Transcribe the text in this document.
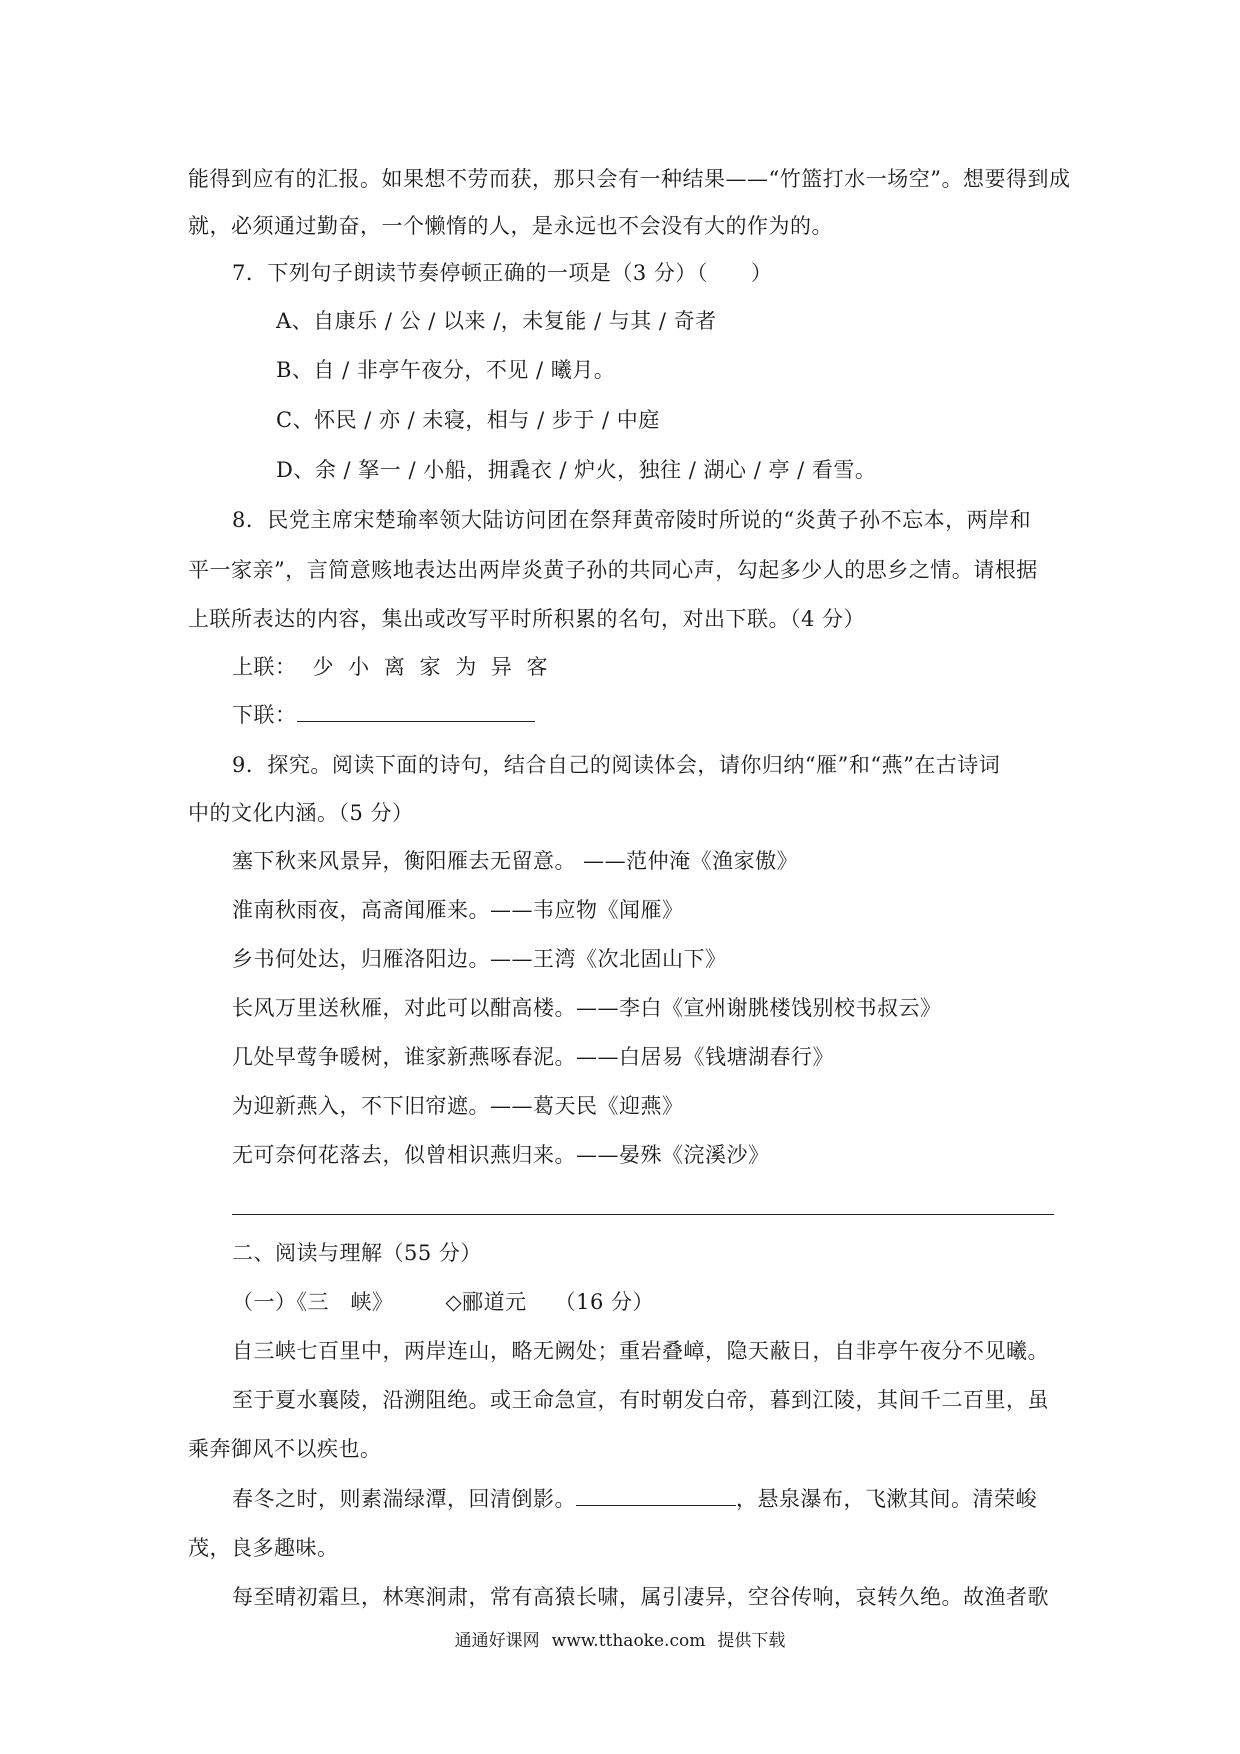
能得到应有的汇报。如果想不劳而获，那只会有一种结果——“竹篮打水一场空”。想要得到成
就，必须通过勤奋，一个懒惰的人，是永远也不会没有大的作为的。
7．下列句子朗读节奏停顿正确的一项是（3 分）（　　）
A、自康乐 / 公 / 以来 /，未复能 / 与其 / 奇者
B、自 / 非亭午夜分，不见 / 曦月。
C、怀民 / 亦 / 未寝，相与 / 步于 / 中庭
D、余 / 拏一 / 小船，拥毳衣 / 炉火，独往 / 湖心 / 亭 / 看雪。
8．民党主席宋楚瑜率领大陆访问团在祭拜黄帝陵时所说的“炎黄子孙不忘本，两岸和
平一家亲”，言简意赅地表达出两岸炎黄子孙的共同心声，勾起多少人的思乡之情。请根据
上联所表达的内容，集出或改写平时所积累的名句，对出下联。（4 分）
上联： 少 小 离 家 为 异 客
下联：
9．探究。阅读下面的诗句，结合自己的阅读体会，请你归纳“雁”和“燕”在古诗词
中的文化内涵。（5 分）
塞下秋来风景异，衡阳雁去无留意。 ——范仲淹《渔家傲》
淮南秋雨夜，高斋闻雁来。——韦应物《闻雁》
乡书何处达，归雁洛阳边。——王湾《次北固山下》
长风万里送秋雁，对此可以酣高楼。——李白《宣州谢朓楼饯别校书叔云》
几处早莺争暖树，谁家新燕啄春泥。——白居易《钱塘湖春行》
为迎新燕入，不下旧帘遮。——葛天民《迎燕》
无可奈何花落去，似曾相识燕归来。——晏殊《浣溪沙》
二、阅读与理解（55 分）
（一）《三　峡》 ◇郦道元 （16 分）
自三峡七百里中，两岸连山，略无阙处；重岩叠嶂，隐天蔽日，自非亭午夜分不见曦。
至于夏水襄陵，沿溯阻绝。或王命急宣，有时朝发白帝，暮到江陵，其间千二百里，虽
乘奔御风不以疾也。
春冬之时，则素湍绿潭，回清倒影。	，悬泉瀑布，飞漱其间。清荣峻
茂，良多趣味。
每至晴初霜旦，林寒涧肃，常有高猿长啸，属引凄异，空谷传响，哀转久绝。故渔者歌
通通好课网 www.tthaoke.com 提供下载
